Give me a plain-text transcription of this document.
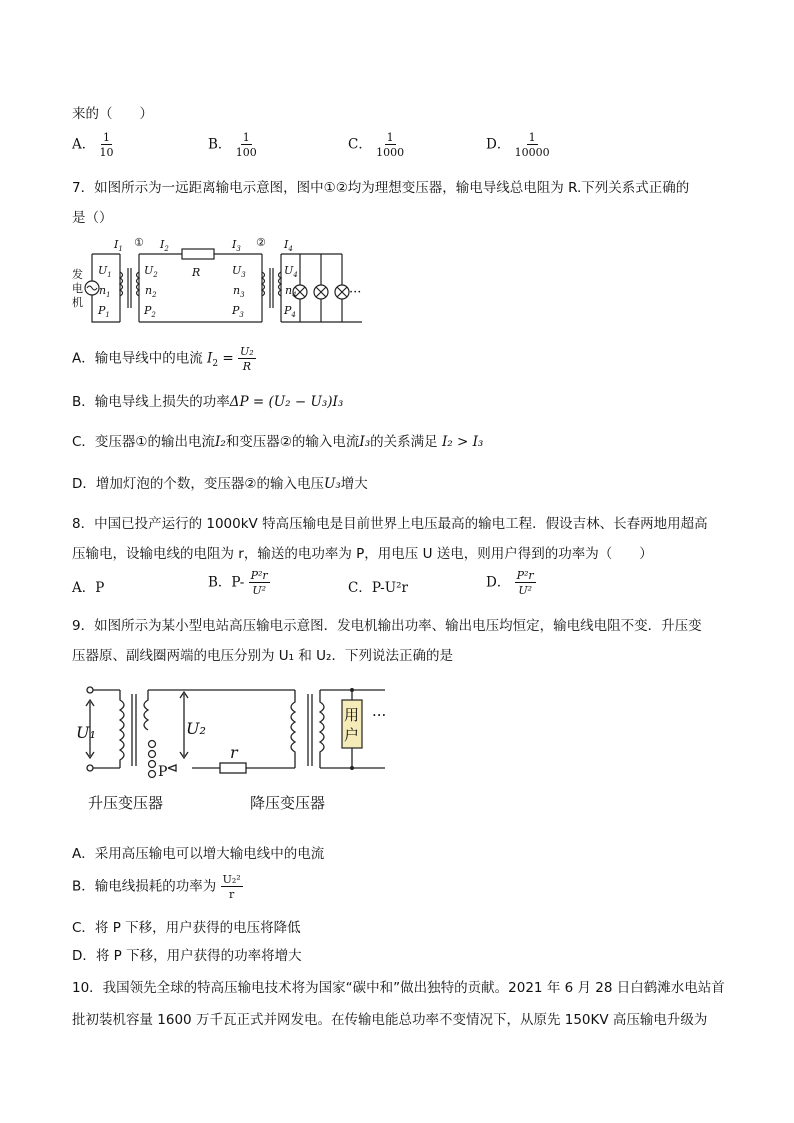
来的（　　）
A． $\frac{1}{10}$	B． $\frac{1}{100}$	C． $\frac{1}{1000}$	D． $\frac{1}{10000}$
7．如图所示为一远距离输电示意图，图中①②均为理想变压器，输电导线总电阻为 R.下列关系式正确的
是（）
发
电
机
①	②
$I_1$	$I_2$	$I_3$	$I_4$
R
$U_1$
$n_1$
$P_1$
$U_2$
$n_2$
$P_2$
$U_3$
$n_3$
$P_3$
$U_4$
$n_4$
$P_4$
···
A．输电导线中的电流 $I_2 = \frac{\text{U₂}}{R}$
B．输电导线上损失的功率ΔP = (U₂ − U₃)I₃
C．变压器①的输出电流I₂和变压器②的输入电流I₃的关系满足 I₂ > I₃
D．增加灯泡的个数，变压器②的输入电压U₃增大
8．中国已投产运行的 1000kV 特高压输电是目前世界上电压最高的输电工程．假设吉林、长春两地用超高
压输电，设输电线的电阻为 r，输送的电功率为 P，用电压 U 送电，则用户得到的功率为（　　）
A．P	B．$P- \frac{\text{P²r}}{\text{U²}}$	C．P-U²r	D． $\frac{\text{P²r}}{\text{U²}}$
9．如图所示为某小型电站高压输电示意图．发电机输出功率、输出电压均恒定，输电线电阻不变．升压变
压器原、副线圈两端的电压分别为 U₁ 和 U₂．下列说法正确的是
U₁	U₂
r
P
用
户
···
升压变压器	降压变压器
A．采用高压输电可以增大输电线中的电流
B．输电线损耗的功率为 $\frac{\text{U₂²}}{r}$
C．将 P 下移，用户获得的电压将降低
D．将 P 下移，用户获得的功率将增大
10．我国领先全球的特高压输电技术将为国家“碳中和”做出独特的贡献。2021 年 6 月 28 日白鹤滩水电站首
批初装机容量 1600 万千瓦正式并网发电。在传输电能总功率不变情况下，从原先 150KV 高压输电升级为
